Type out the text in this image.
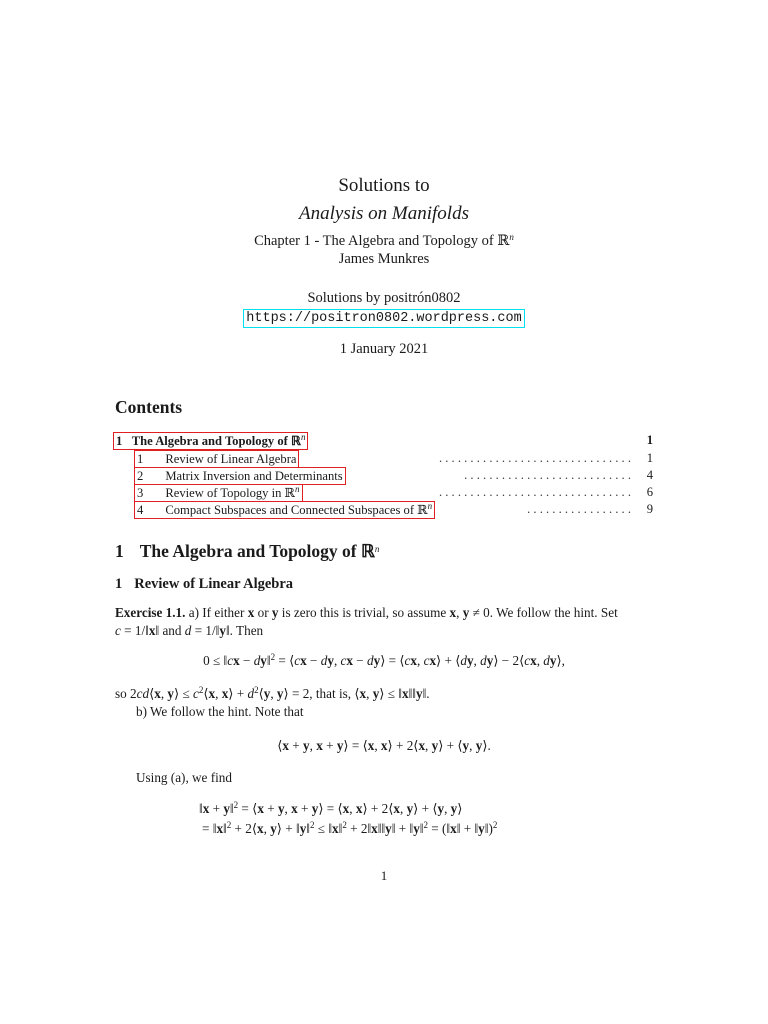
Solutions to
Analysis on Manifolds
Chapter 1 - The Algebra and Topology of ℝ$^n$
James Munkres
Solutions by positrón0802
https://positron0802.wordpress.com
1 January 2021
Contents
1 The Algebra and Topology of ℝ$^n$	1
1 Review of Linear Algebra	. . . . . . . . . . . . . . . . . . . . . . . . . . . . . . . 1
2 Matrix Inversion and Determinants	. . . . . . . . . . . . . . . . . . . . . . . . . . . 4
3 Review of Topology in ℝ$^n$	. . . . . . . . . . . . . . . . . . . . . . . . . . . . . . . 6
4 Compact Subspaces and Connected Subspaces of ℝ$^n$	. . . . . . . . . . . . . . . . . 9
1 The Algebra and Topology of ℝ$^n$
1 Review of Linear Algebra
Exercise 1.1. a) If either x or y is zero this is trivial, so assume x, y ≠ 0. We follow the hint. Set
c = 1/‖x‖ and d = 1/‖y‖. Then
0 ≤ ‖cx − dy‖$^2$ = ⟨cx − dy, cx − dy⟩ = ⟨cx, cx⟩ + ⟨dy, dy⟩ − 2⟨cx, dy⟩,
so 2cd⟨x, y⟩ ≤ $c^2⟨x$, x⟩ + $d^2⟨y$, y⟩ = 2, that is, ⟨x, y⟩ ≤ ‖x‖‖y‖.
b) We follow the hint. Note that
⟨x + y, x + y⟩ = ⟨x, x⟩ + 2⟨x, y⟩ + ⟨y, y⟩.
Using (a), we find
‖x + y‖$^2$ = ⟨x + y, x + y⟩ = ⟨x, x⟩ + 2⟨x, y⟩ + ⟨y, y⟩
= ‖x‖$^2$ + 2⟨x, y⟩ + ‖y‖$^2$ ≤ ‖x‖$^2$ + 2‖x‖‖y‖ + ‖y‖$^2$ = (‖x‖ + ‖y‖)$^2$
1
